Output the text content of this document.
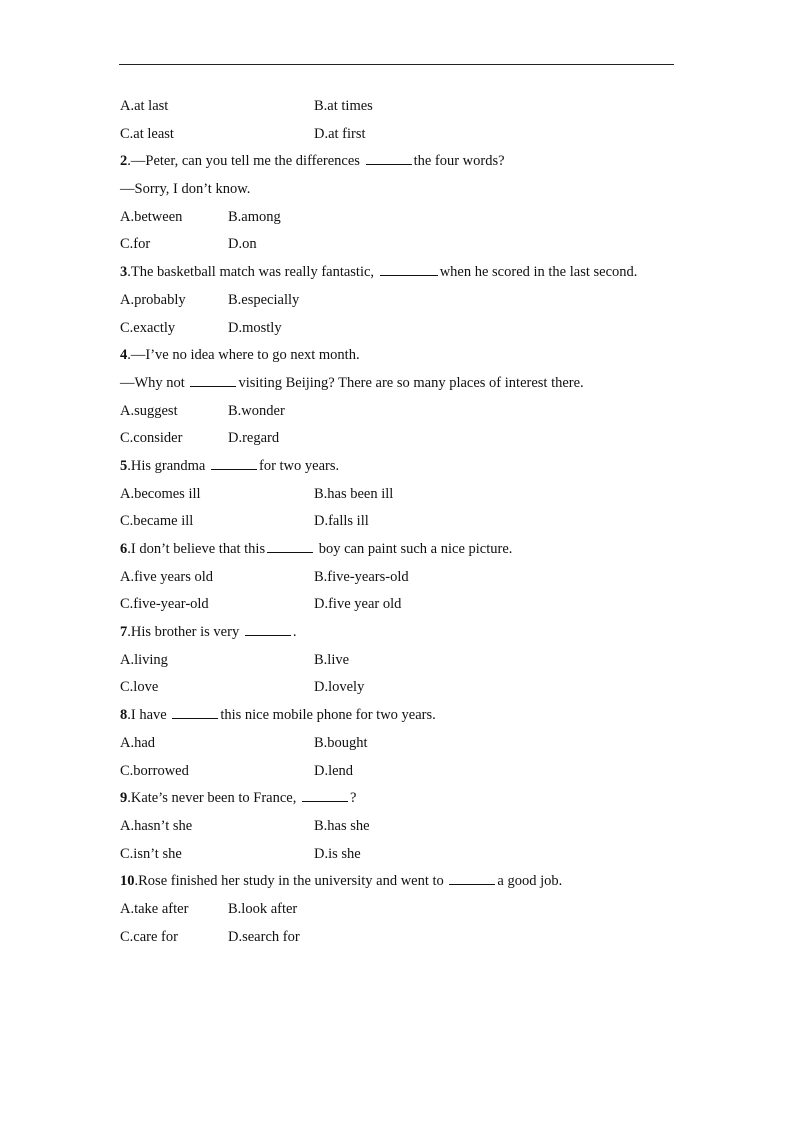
A.at last	B.at times
C.at least	D.at first
2.—Peter, can you tell me the differences	the four words?
—Sorry, I don’t know.
A.between	B.among
C.for	D.on
3.The basketball match was really fantastic,	when he scored in the last second.
A.probably	B.especially
C.exactly	D.mostly
4.—I’ve no idea where to go next month.
—Why not	visiting Beijing? There are so many places of interest there.
A.suggest	B.wonder
C.consider	D.regard
5.His grandma	for two years.
A.becomes ill	B.has been ill
C.became ill	D.falls ill
6.I don’t believe that this	boy can paint such a nice picture.
A.five years old	B.five-years-old
C.five-year-old	D.five year old
7.His brother is very	.
A.living	B.live
C.love	D.lovely
8.I have	this nice mobile phone for two years.
A.had	B.bought
C.borrowed	D.lend
9.Kate’s never been to France,	?
A.hasn’t she	B.has she
C.isn’t she	D.is she
10.Rose finished her study in the university and went to	a good job.
A.take after	B.look after
C.care for	D.search for
